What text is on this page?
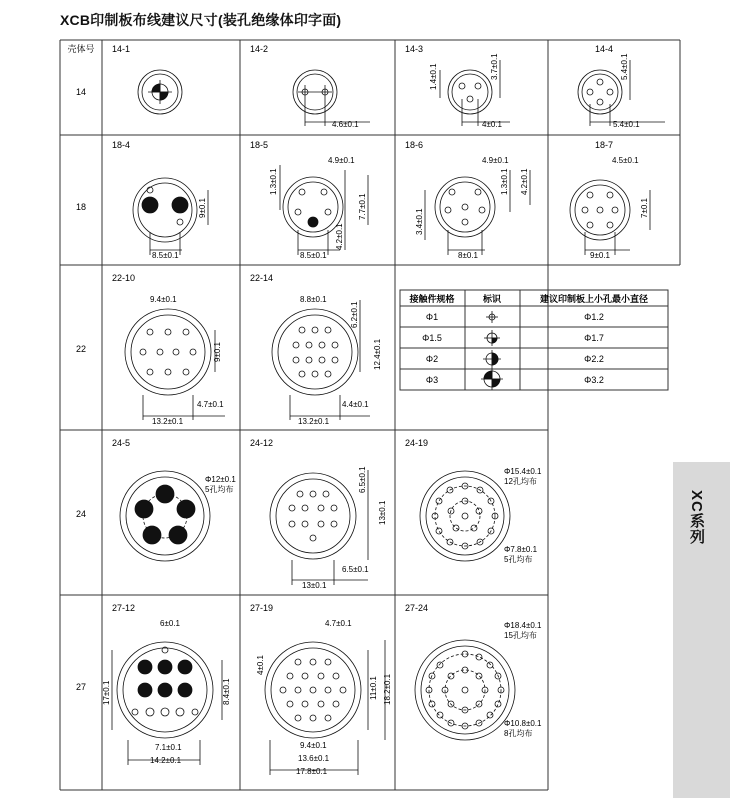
XCB印制板布线建议尺寸(装孔绝缘体印字面)
XC系列
接触件规格	标识	建议印制板上小孔最小直径
Φ1	Φ1.2
Φ1.5	Φ1.7
Φ2	Φ2.2
Φ3	Φ3.2
壳体号
14
18
22
24
27
14-1	14-2	14-3	14-4
18-4	18-5	18-6	18-7
22-10	22-14
24-5	24-12	24-19
27-12	27-19	27-24
4.6±0.1
1.4±0.1	3.7±0.1
4±0.1
5.4±0.1
5.4±0.1
9±0.1
8.5±0.1
4.9±0.1
1.3±0.1
7.7±0.1
4.2±0.1
8.5±0.1
4.9±0.1
1.3±0.1 4.2±0.1
3.4±0.1
8±0.1
4.5±0.1
7±0.1
9±0.1
9.4±0.1
9±0.1
4.7±0.1
13.2±0.1
8.8±0.1
6.2±0.1
12.4±0.1
4.4±0.1
13.2±0.1
Φ12±0.1
5孔均布	6.5±0.1
13±0.1
6.5±0.1
13±0.1
Φ15.4±0.1
12孔均布
Φ7.8±0.1
5孔均布
6±0.1
17±0.1	8.4±0.1
7.1±0.1
14.2±0.1
4.7±0.1
4±0.1
11±0.1 18.2±0.1
9.4±0.1
13.6±0.1
17.8±0.1
Φ18.4±0.1
15孔均布
Φ10.8±0.1
8孔均布
